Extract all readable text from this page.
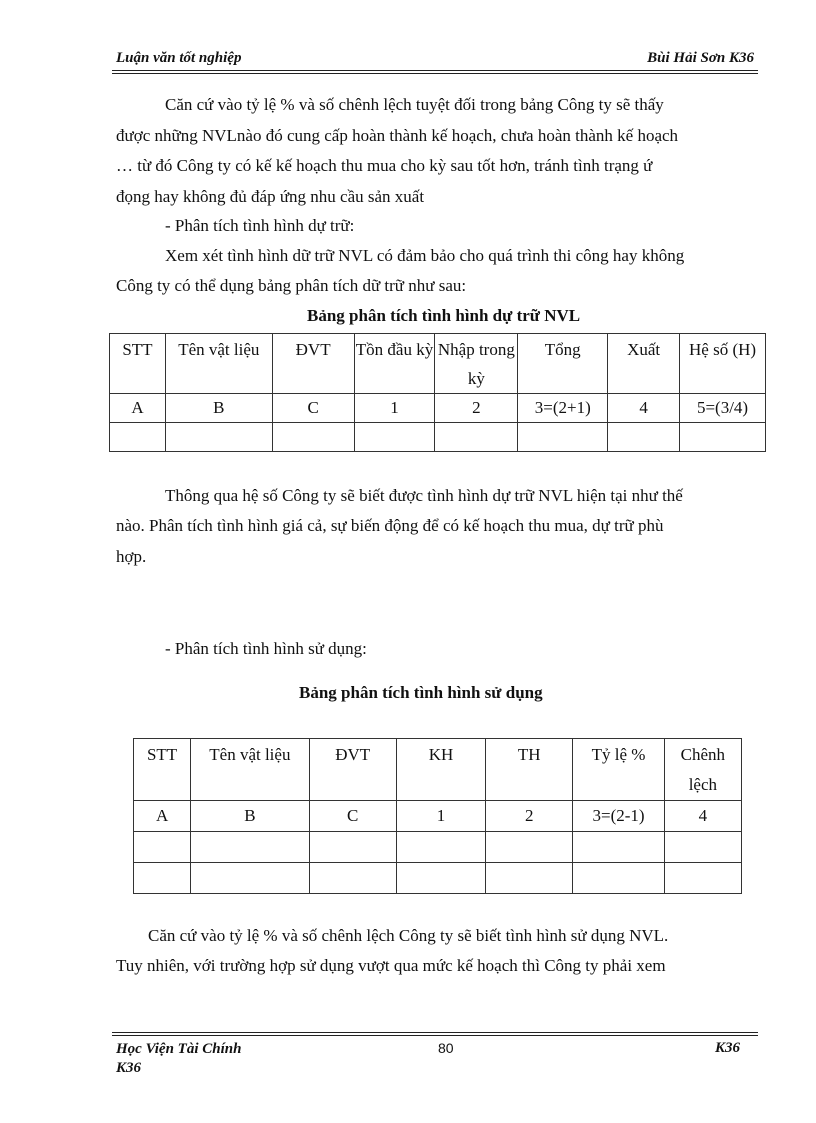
Luận văn tốt nghiệp	Bùi Hải Sơn K36

Căn cứ vào tỷ lệ % và số chênh lệch tuyệt đối trong bảng Công ty sẽ thấy

được những NVLnào đó cung cấp hoàn thành kế hoạch, chưa hoàn thành kế hoạch

… từ đó Công ty có kế kế hoạch thu mua cho kỳ sau tốt hơn, tránh tình trạng ứ

đọng hay không đủ đáp ứng nhu cầu sản xuất

- Phân tích tình hình dự trữ:

Xem xét tình hình dữ trữ NVL có đảm bảo cho quá trình thi công hay không

Công ty có thể dụng bảng phân tích dữ trữ như sau:

Bảng phân tích tình hình dự trữ NVL
STT	Tên vật liệu	ĐVT	Tồn đầu kỳ	Nhập trong kỳ	Tổng	Xuất	Hệ số (H)
A	B	C	1	2	3=(2+1)	4	5=(3/4)

Thông qua hệ số Công ty sẽ biết được tình hình dự trữ NVL hiện tại như thế

nào. Phân tích tình hình giá cả, sự biến động để có kế hoạch thu mua, dự trữ phù

hợp.

- Phân tích tình hình sử dụng:

Bảng phân tích tình hình sử dụng
STT	Tên vật liệu	ĐVT	KH	TH	Tỷ lệ %	Chênh lệch
A	B	C	1	2	3=(2-1)	4

Căn cứ vào tỷ lệ % và số chênh lệch Công ty sẽ biết tình hình sử dụng NVL.

Tuy nhiên, với trường hợp sử dụng vượt qua mức kế hoạch thì Công ty phải xem

Học Viện Tài Chính
K36
80	K36
